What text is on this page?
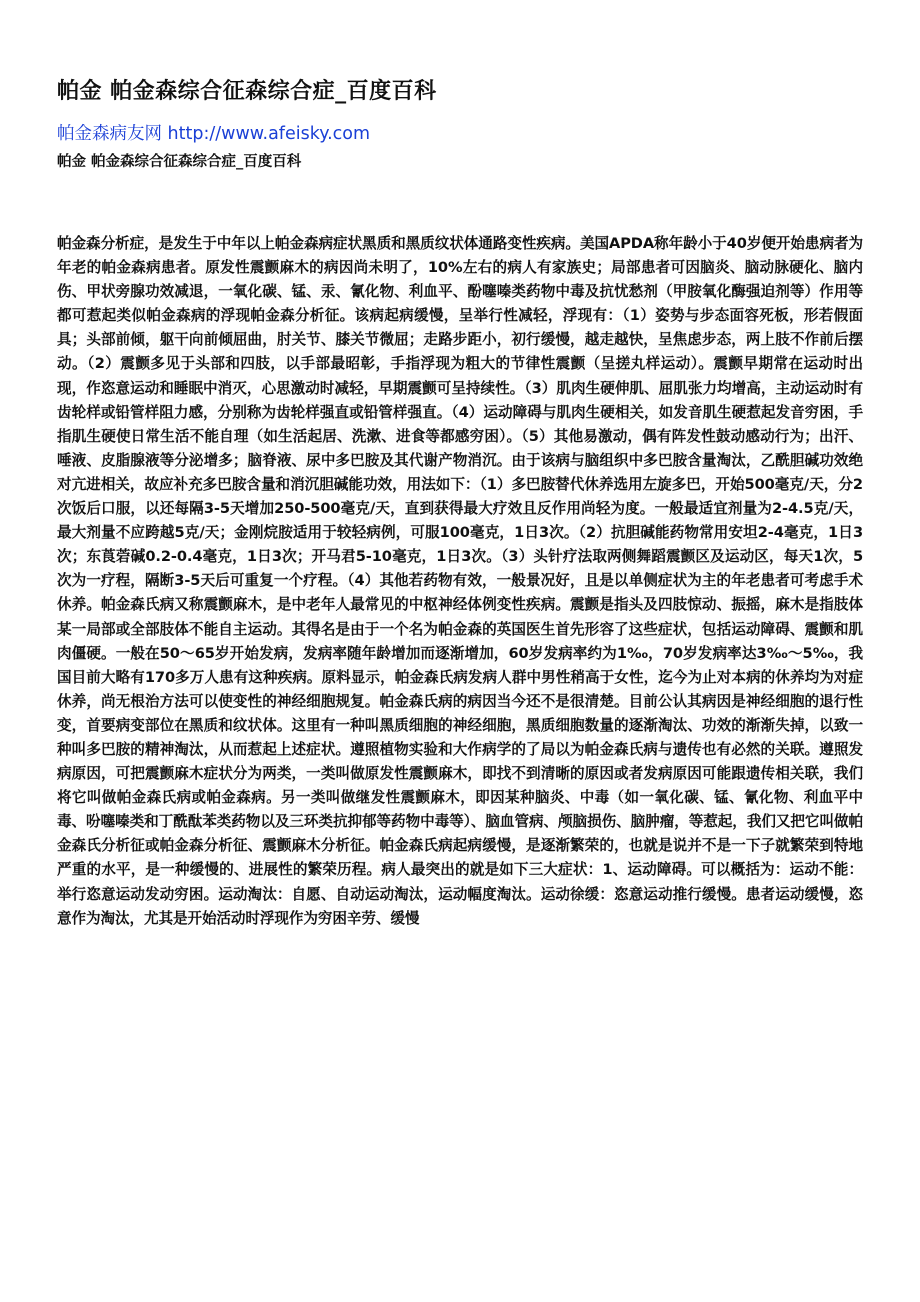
帕金 帕金森综合征森综合症_百度百科
帕金森病友网 http://www.afeisky.com
帕金 帕金森综合征森综合症_百度百科

帕金森分析症，是发生于中年以上帕金森病症状黑质和黑质纹状体通路变性疾病。美国APDA称年龄小于40岁便开始患病者为年老的帕金森病患者。原发性震颤麻木的病因尚未明了，10%左右的病人有家族史；局部患者可因脑炎、脑动脉硬化、脑内伤、甲状旁腺功效减退，一氧化碳、锰、汞、氰化物、利血平、酚噻嗪类药物中毒及抗忧愁剂（甲胺氧化酶强迫剂等）作用等都可惹起类似帕金森病的浮现帕金森分析征。该病起病缓慢，呈举行性减轻，浮现有：（1）姿势与步态面容死板，形若假面具；头部前倾，躯干向前倾屈曲，肘关节、膝关节微屈；走路步距小，初行缓慢，越走越快，呈焦虑步态，两上肢不作前后摆动。（2）震颤多见于头部和四肢，以手部最昭彰，手指浮现为粗大的节律性震颤（呈搓丸样运动）。震颤早期常在运动时出现，作恣意运动和睡眠中消灭，心思激动时减轻，早期震颤可呈持续性。（3）肌肉生硬伸肌、屈肌张力均增高，主动运动时有齿轮样或铅管样阻力感，分别称为齿轮样强直或铅管样强直。（4）运动障碍与肌肉生硬相关，如发音肌生硬惹起发音穷困，手指肌生硬使日常生活不能自理（如生活起居、洗漱、进食等都感穷困）。（5）其他易激动，偶有阵发性鼓动感动行为；出汗、唾液、皮脂腺液等分泌增多；脑脊液、尿中多巴胺及其代谢产物消沉。由于该病与脑组织中多巴胺含量淘汰，乙酰胆碱功效绝对亢进相关，故应补充多巴胺含量和消沉胆碱能功效，用法如下：（1）多巴胺替代休养选用左旋多巴，开始500毫克/天，分2次饭后口服，以还每隔3-5天增加250-500毫克/天，直到获得最大疗效且反作用尚轻为度。一般最适宜剂量为2-4.5克/天，最大剂量不应跨越5克/天；金刚烷胺适用于较轻病例，可服100毫克，1日3次。（2）抗胆碱能药物常用安坦2-4毫克，1日3次；东莨菪碱0.2-0.4毫克，1日3次；开马君5-10毫克，1日3次。（3）头针疗法取两侧舞蹈震颤区及运动区，每天1次，5次为一疗程，隔断3-5天后可重复一个疗程。（4）其他若药物有效，一般景况好，且是以单侧症状为主的年老患者可考虑手术休养。帕金森氏病又称震颤麻木，是中老年人最常见的中枢神经体例变性疾病。震颤是指头及四肢惊动、振摇，麻木是指肢体某一局部或全部肢体不能自主运动。其得名是由于一个名为帕金森的英国医生首先形容了这些症状，包括运动障碍、震颤和肌肉僵硬。一般在50～65岁开始发病，发病率随年龄增加而逐渐增加，60岁发病率约为1‰，70岁发病率达3‰～5‰，我国目前大略有170多万人患有这种疾病。原料显示，帕金森氏病发病人群中男性稍高于女性，迄今为止对本病的休养均为对症休养，尚无根治方法可以使变性的神经细胞规复。帕金森氏病的病因当今还不是很清楚。目前公认其病因是神经细胞的退行性变，首要病变部位在黑质和纹状体。这里有一种叫黑质细胞的神经细胞，黑质细胞数量的逐渐淘汰、功效的渐渐失掉，以致一种叫多巴胺的精神淘汰，从而惹起上述症状。遵照植物实验和大作病学的了局以为帕金森氏病与遗传也有必然的关联。遵照发病原因，可把震颤麻木症状分为两类，一类叫做原发性震颤麻木，即找不到清晰的原因或者发病原因可能跟遗传相关联，我们将它叫做帕金森氏病或帕金森病。另一类叫做继发性震颤麻木，即因某种脑炎、中毒（如一氧化碳、锰、氰化物、利血平中毒、吩噻嗪类和丁酰酞苯类药物以及三环类抗抑郁等药物中毒等）、脑血管病、颅脑损伤、脑肿瘤，等惹起，我们又把它叫做帕金森氏分析征或帕金森分析征、震颤麻木分析征。帕金森氏病起病缓慢，是逐渐繁荣的，也就是说并不是一下子就繁荣到特地严重的水平，是一种缓慢的、进展性的繁荣历程。病人最突出的就是如下三大症状：1、运动障碍。可以概括为：运动不能：举行恣意运动发动穷困。运动淘汰：自愿、自动运动淘汰，运动幅度淘汰。运动徐缓：恣意运动推行缓慢。患者运动缓慢，恣意作为淘汰，尤其是开始活动时浮现作为穷困辛劳、缓慢
